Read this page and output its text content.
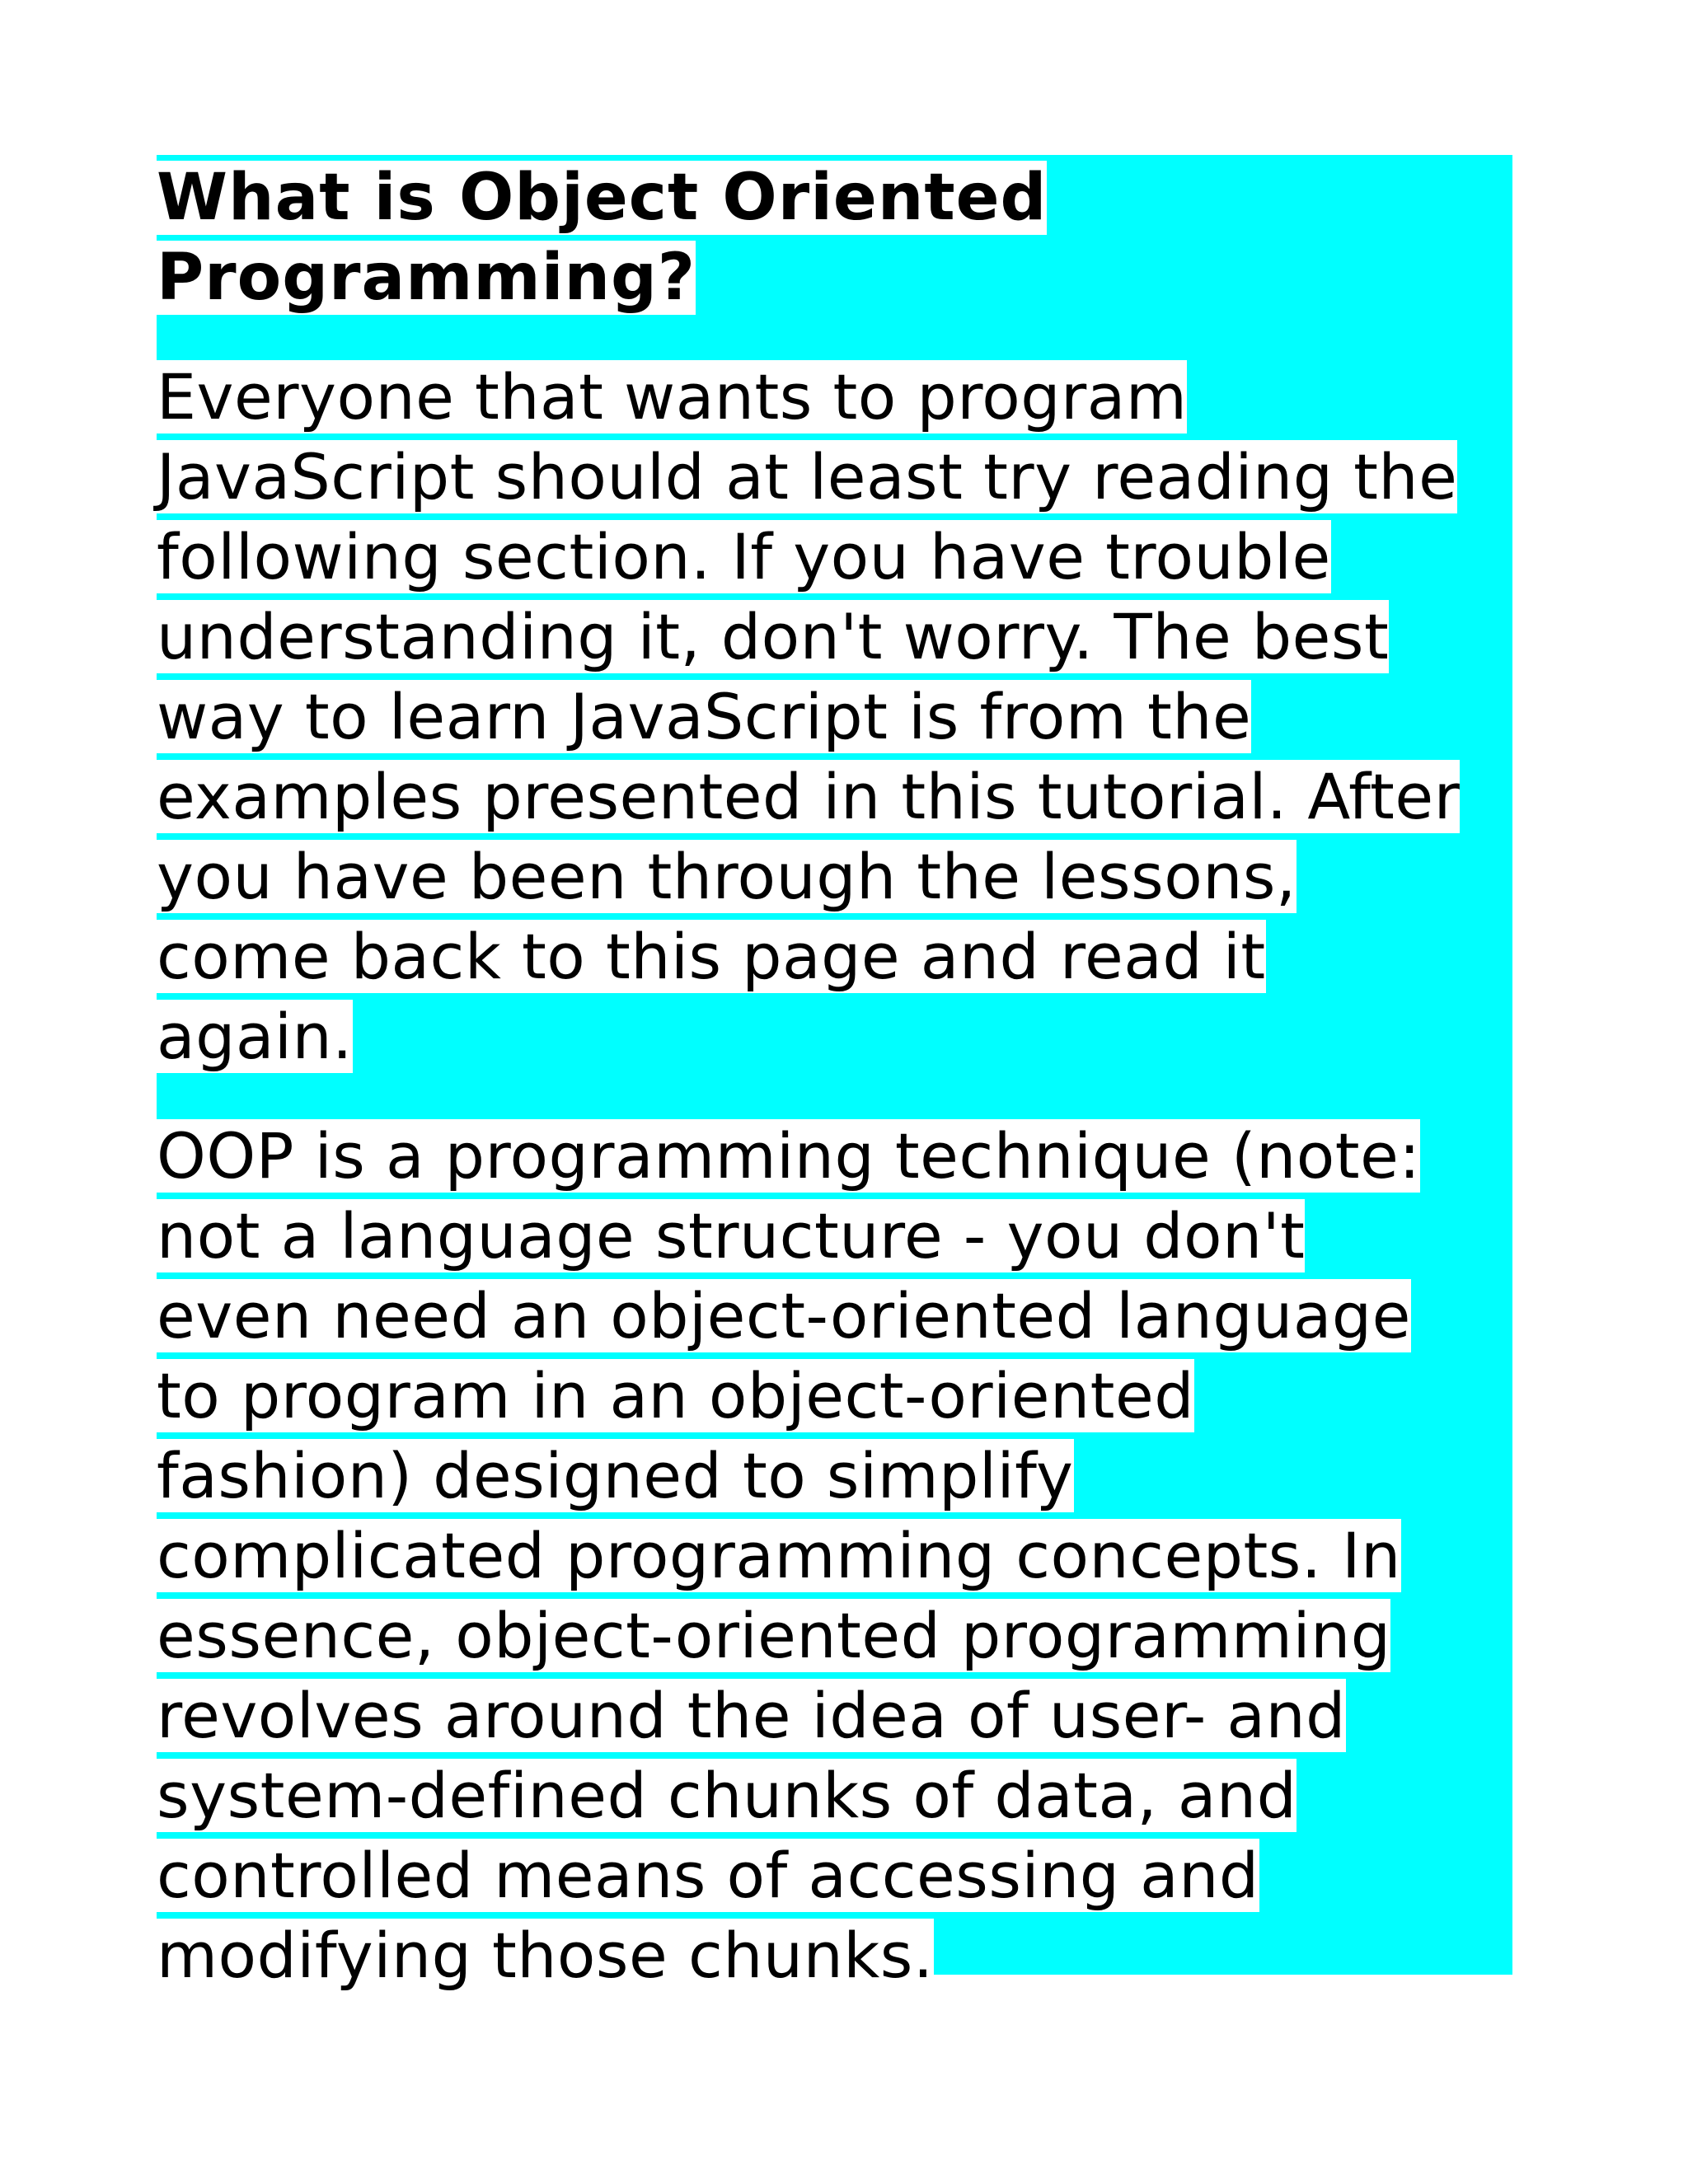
What is Object Oriented
Programming?

Everyone that wants to program
JavaScript should at least try reading the
following section. If you have trouble
understanding it, don't worry. The best
way to learn JavaScript is from the
examples presented in this tutorial. After
you have been through the lessons,
come back to this page and read it
again.

OOP is a programming technique (note:
not a language structure - you don't
even need an object-oriented language
to program in an object-oriented
fashion) designed to simplify
complicated programming concepts. In
essence, object-oriented programming
revolves around the idea of user- and
system-defined chunks of data, and
controlled means of accessing and
modifying those chunks.
